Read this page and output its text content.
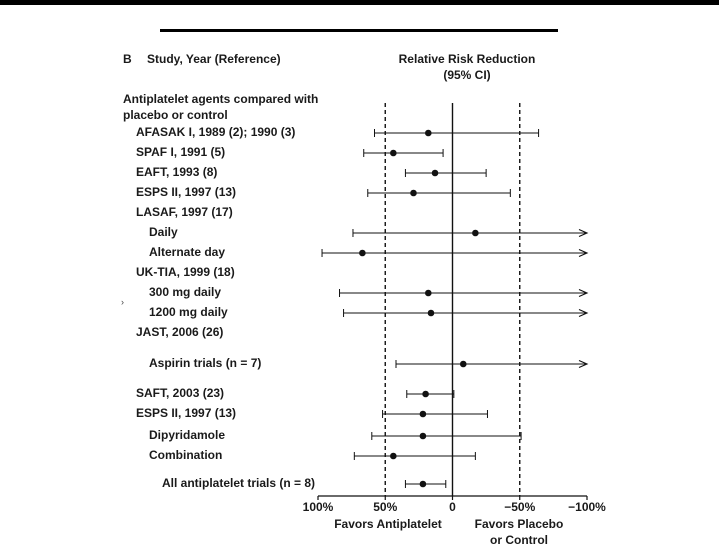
B Study, Year (Reference)	Relative Risk Reduction
(95% CI)
›
Antiplatelet agents compared with
placebo or control
AFASAK I, 1989 (2); 1990 (3)
SPAF I, 1991 (5)
EAFT, 1993 (8)
ESPS II, 1997 (13)
LASAF, 1997 (17)
Daily
Alternate day
UK-TIA, 1999 (18)
300 mg daily
1200 mg daily
JAST, 2006 (26)
Aspirin trials (n = 7)
SAFT, 2003 (23)
ESPS II, 1997 (13)
Dipyridamole
Combination
All antiplatelet trials (n = 8)
100%	50%	0	−50%	−100%
Favors Antiplatelet	Favors Placebo
or Control
